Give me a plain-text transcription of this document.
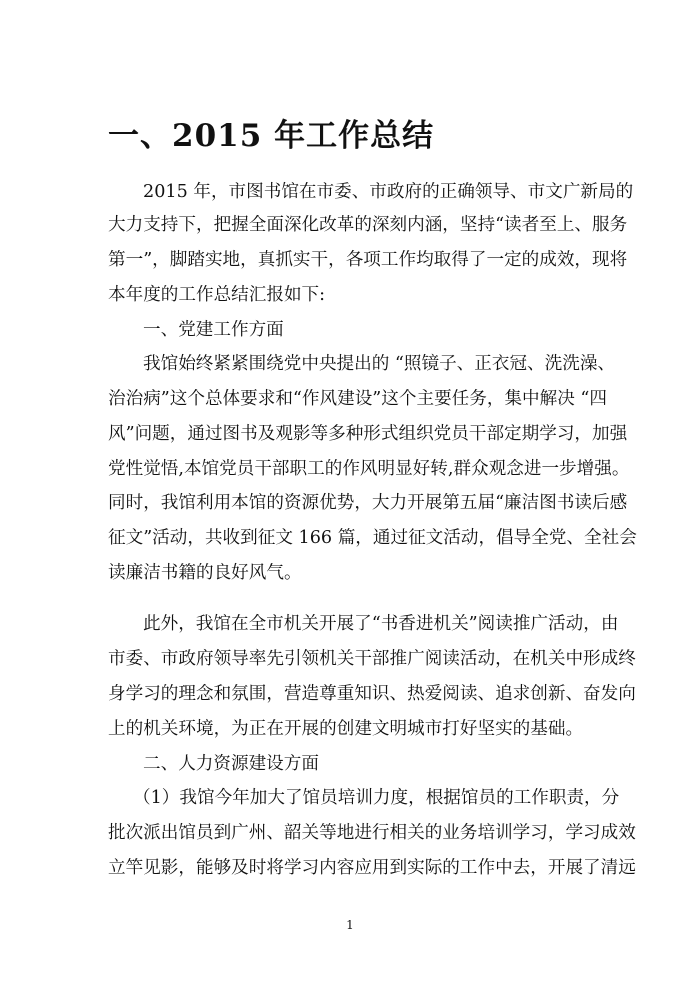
一、2015 年工作总结

2015 年，市图书馆在市委、市政府的正确领导、市文广新局的

大力支持下，把握全面深化改革的深刻内涵，坚持“读者至上、服务

第一”，脚踏实地，真抓实干，各项工作均取得了一定的成效，现将

本年度的工作总结汇报如下:

一、党建工作方面

我馆始终紧紧围绕党中央提出的 “照镜子、正衣冠、洗洗澡、

治治病”这个总体要求和“作风建设”这个主要任务，集中解决 “四

风”问题，通过图书及观影等多种形式组织党员干部定期学习，加强

党性觉悟,本馆党员干部职工的作风明显好转,群众观念进一步增强。

同时，我馆利用本馆的资源优势，大力开展第五届“廉洁图书读后感

征文”活动，共收到征文 166 篇，通过征文活动，倡导全党、全社会

读廉洁书籍的良好风气。

此外，我馆在全市机关开展了“书香进机关”阅读推广活动，由

市委、市政府领导率先引领机关干部推广阅读活动，在机关中形成终

身学习的理念和氛围，营造尊重知识、热爱阅读、追求创新、奋发向

上的机关环境，为正在开展的创建文明城市打好坚实的基础。

二、人力资源建设方面

（1）我馆今年加大了馆员培训力度，根据馆员的工作职责，分

批次派出馆员到广州、韶关等地进行相关的业务培训学习，学习成效

立竿见影，能够及时将学习内容应用到实际的工作中去，开展了清远

1
